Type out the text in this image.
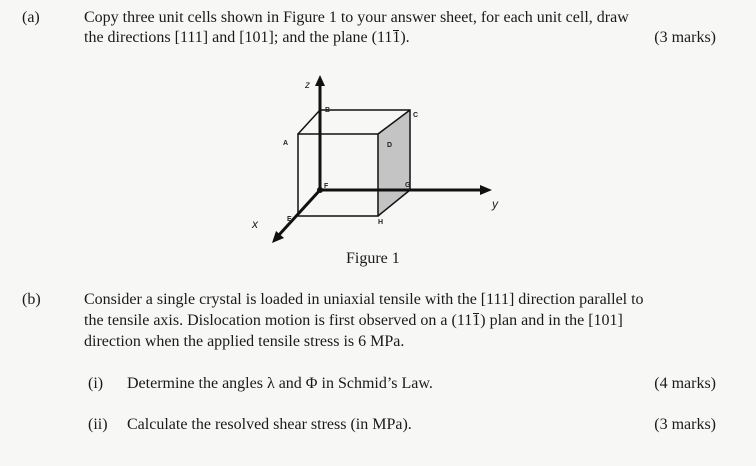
(a)	Copy three unit cells shown in Figure 1 to your answer sheet, for each unit cell, draw
the directions [111] and [101]; and the plane (111).	(3 marks)
z
y
x
A
B
C
D
E
F	G
H
Figure 1
(b)	Consider a single crystal is loaded in uniaxial tensile with the [111] direction parallel to
the tensile axis. Dislocation motion is first observed on a (111) plan and in the [101]
direction when the applied tensile stress is 6 MPa.
(i) Determine the angles λ and Φ in Schmid’s Law.	(4 marks)
(ii) Calculate the resolved shear stress (in MPa).	(3 marks)
